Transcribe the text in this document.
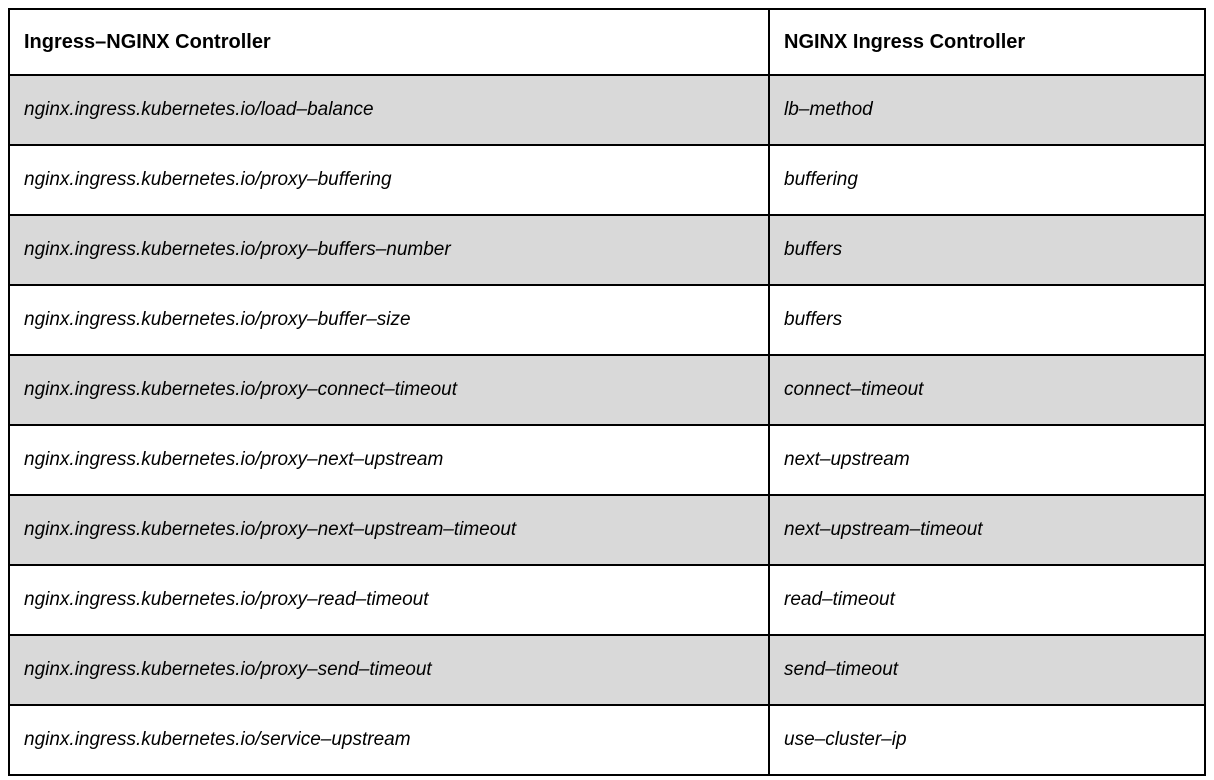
Ingress–NGINX Controller	NGINX Ingress Controller
nginx.ingress.kubernetes.io/load–balance	lb–method
nginx.ingress.kubernetes.io/proxy–buffering	buffering
nginx.ingress.kubernetes.io/proxy–buffers–number	buffers
nginx.ingress.kubernetes.io/proxy–buffer–size	buffers
nginx.ingress.kubernetes.io/proxy–connect–timeout	connect–timeout
nginx.ingress.kubernetes.io/proxy–next–upstream	next–upstream
nginx.ingress.kubernetes.io/proxy–next–upstream–timeout	next–upstream–timeout
nginx.ingress.kubernetes.io/proxy–read–timeout	read–timeout
nginx.ingress.kubernetes.io/proxy–send–timeout	send–timeout
nginx.ingress.kubernetes.io/service–upstream	use–cluster–ip
